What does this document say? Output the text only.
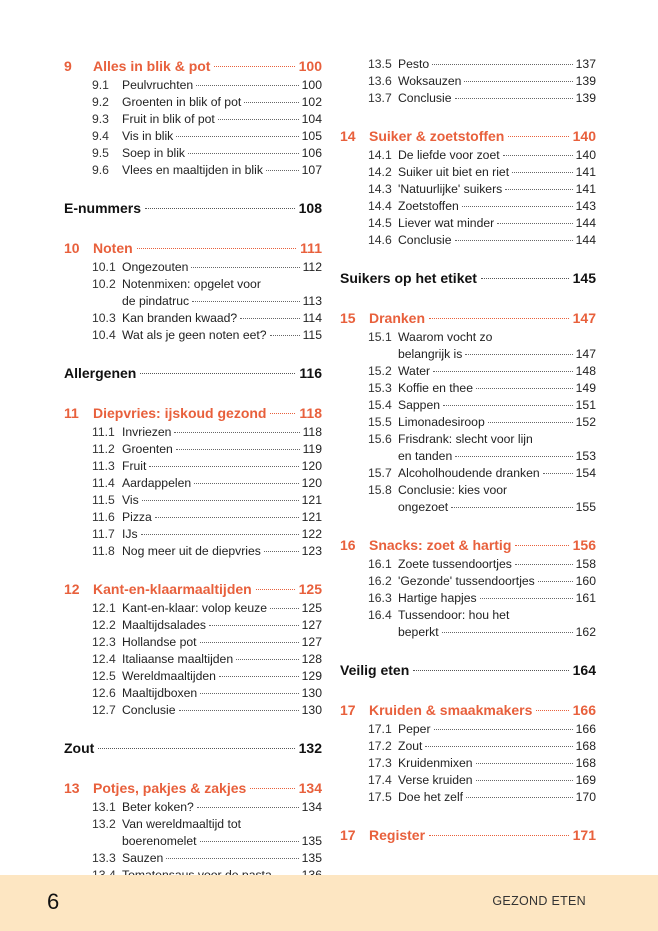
9	Alles in blik & pot	100
9.1	Peulvruchten	100
9.2	Groenten in blik of pot	102
9.3	Fruit in blik of pot	104
9.4	Vis in blik	105
9.5	Soep in blik	106
9.6	Vlees en maaltijden in blik	107
E-nummers	108
10 Noten	111
10.1 Ongezouten	112
10.2 Notenmixen: opgelet voor
de pindatruc	113
10.3 Kan branden kwaad?	114
10.4 Wat als je geen noten eet?	115
Allergenen	116
11	Diepvries: ijskoud gezond 118
11.1 Invriezen	118
11.2 Groenten	119
11.3 Fruit	120
11.4 Aardappelen	120
11.5 Vis	121
11.6 Pizza	121
11.7 IJs	122
11.8 Nog meer uit de diepvries	123
12 Kant-en-klaarmaaltijden	125
12.1 Kant-en-klaar: volop keuze	125
12.2 Maaltijdsalades	127
12.3 Hollandse pot	127
12.4 Italiaanse maaltijden	128
12.5 Wereldmaaltijden	129
12.6 Maaltijdboxen	130
12.7 Conclusie	130
Zout	132
13 Potjes, pakjes & zakjes	134
13.1 Beter koken?	134
13.2 Van wereldmaaltijd tot
boerenomelet	135
13.3 Sauzen	135
13.5 Pesto	137
13.6 Woksauzen	139
13.7 Conclusie	139
14 Suiker & zoetstoffen	140
14.1 De liefde voor zoet	140
14.2 Suiker uit biet en riet	141
14.3 'Natuurlijke' suikers	141
14.4 Zoetstoffen	143
14.5 Liever wat minder	144
14.6 Conclusie	144
Suikers op het etiket	145
15 Dranken	147
15.1 Waarom vocht zo
belangrijk is	147
15.2 Water	148
15.3 Koffie en thee	149
15.4 Sappen	151
15.5 Limonadesiroop	152
15.6 Frisdrank: slecht voor lijn
en tanden	153
15.7 Alcoholhoudende dranken	154
15.8 Conclusie: kies voor
ongezoet	155
16 Snacks: zoet & hartig	156
16.1 Zoete tussendoortjes	158
16.2 'Gezonde' tussendoortjes	160
16.3 Hartige hapjes	161
16.4 Tussendoor: hou het
beperkt	162
Veilig eten	164
17 Kruiden & smaakmakers	166
17.1 Peper	166
17.2 Zout	168
17.3 Kruidenmixen	168
17.4 Verse kruiden	169
17.5 Doe het zelf	170
17 Register	171
6	GEZOND ETEN
